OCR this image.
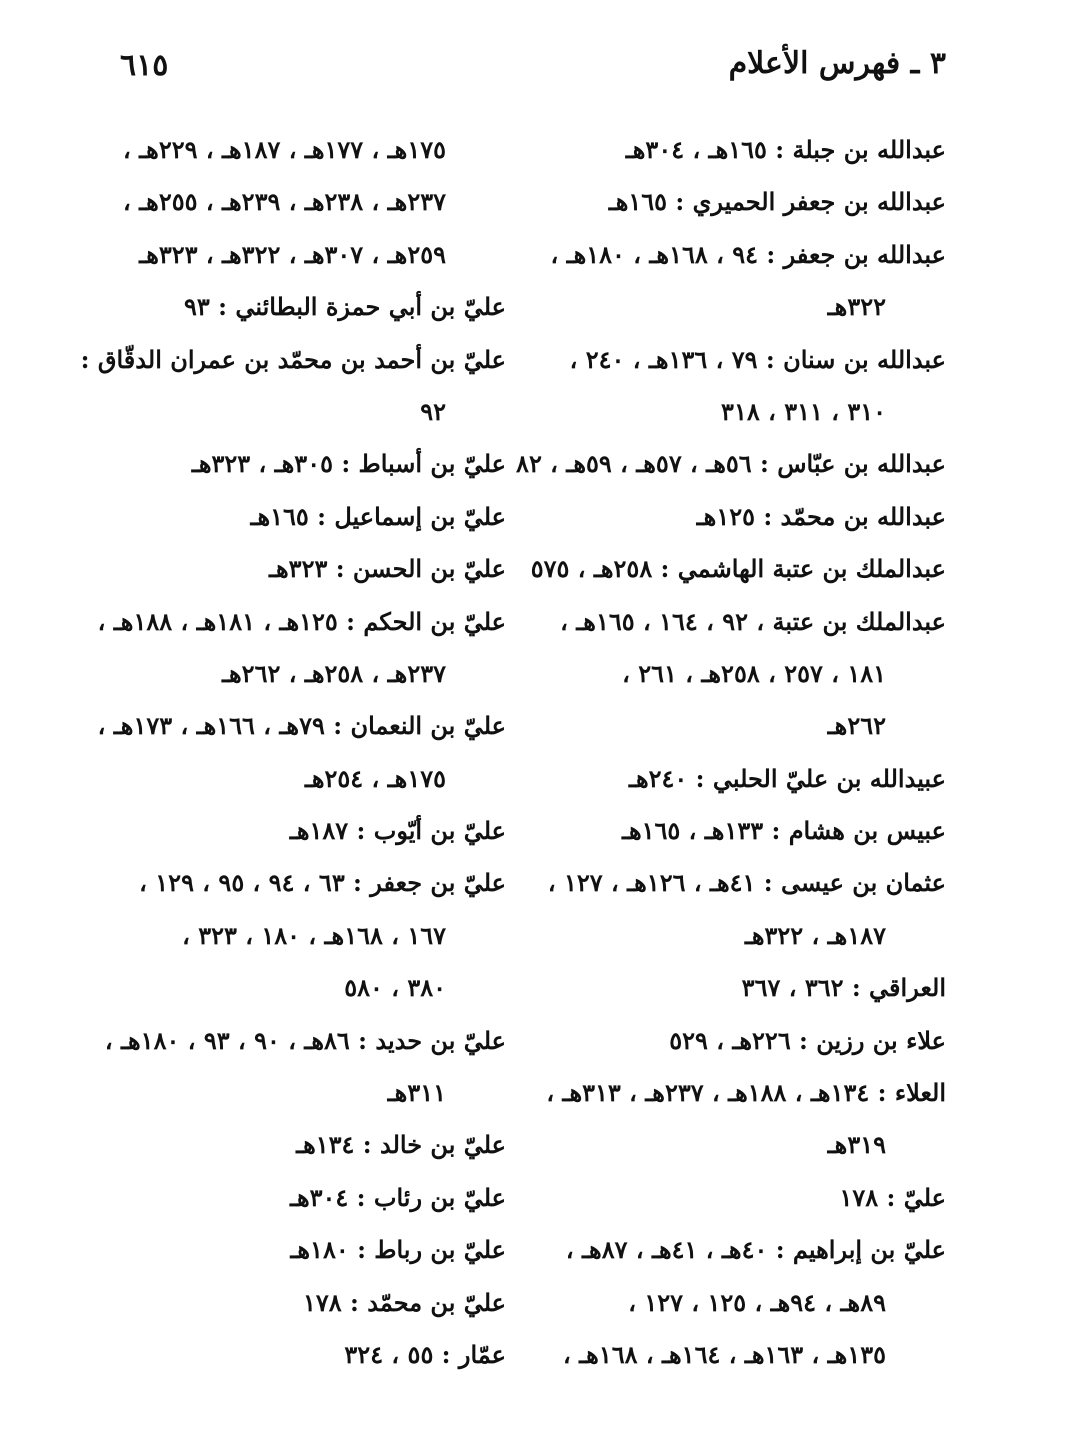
٣ ـ فهرس الأعلام
٦١٥
عبدالله بن جبلة : ١٦٥هـ ، ٣٠٤هـ
عبدالله بن جعفر الحميري : ١٦٥هـ
عبدالله بن جعفر : ٩٤ ، ١٦٨هـ ، ١٨٠هـ ،
٣٢٢هـ
عبدالله بن سنان : ٧٩ ، ١٣٦هـ ، ٢٤٠ ،
٣١٠ ، ٣١١ ، ٣١٨
عبدالله بن عبّاس : ٥٦هـ ، ٥٧هـ ، ٥٩هـ ، ٨٢
عبدالله بن محمّد : ١٢٥هـ
عبدالملك بن عتبة الهاشمي : ٢٥٨هـ ، ٥٧٥
عبدالملك بن عتبة ، ٩٢ ، ١٦٤ ، ١٦٥هـ ،
١٨١ ، ٢٥٧ ، ٢٥٨هـ ، ٢٦١ ،
٢٦٢هـ
عبيدالله بن عليّ الحلبي : ٢٤٠هـ
عبيس بن هشام : ١٣٣هـ ، ١٦٥هـ
عثمان بن عيسى : ٤١هـ ، ١٢٦هـ ، ١٢٧ ،
١٨٧هـ ، ٣٢٢هـ
العراقي : ٣٦٢ ، ٣٦٧
علاء بن رزين : ٢٢٦هـ ، ٥٢٩
العلاء : ١٣٤هـ ، ١٨٨هـ ، ٢٣٧هـ ، ٣١٣هـ ،
٣١٩هـ
عليّ : ١٧٨
عليّ بن إبراهيم : ٤٠هـ ، ٤١هـ ، ٨٧هـ ،
٨٩هـ ، ٩٤هـ ، ١٢٥ ، ١٢٧ ،
١٣٥هـ ، ١٦٣هـ ، ١٦٤هـ ، ١٦٨هـ ،
١٧٥هـ ، ١٧٧هـ ، ١٨٧هـ ، ٢٢٩هـ ،
٢٣٧هـ ، ٢٣٨هـ ، ٢٣٩هـ ، ٢٥٥هـ ،
٢٥٩هـ ، ٣٠٧هـ ، ٣٢٢هـ ، ٣٢٣هـ
عليّ بن أبي حمزة البطائني : ٩٣
عليّ بن أحمد بن محمّد بن عمران الدقّاق :
٩٢
عليّ بن أسباط : ٣٠٥هـ ، ٣٢٣هـ
عليّ بن إسماعيل : ١٦٥هـ
عليّ بن الحسن : ٣٢٣هـ
عليّ بن الحكم : ١٢٥هـ ، ١٨١هـ ، ١٨٨هـ ،
٢٣٧هـ ، ٢٥٨هـ ، ٢٦٢هـ
عليّ بن النعمان : ٧٩هـ ، ١٦٦هـ ، ١٧٣هـ ،
١٧٥هـ ، ٢٥٤هـ
عليّ بن أيّوب : ١٨٧هـ
عليّ بن جعفر : ٦٣ ، ٩٤ ، ٩٥ ، ١٢٩ ،
١٦٧ ، ١٦٨هـ ، ١٨٠ ، ٣٢٣ ،
٣٨٠ ، ٥٨٠
عليّ بن حديد : ٨٦هـ ، ٩٠ ، ٩٣ ، ١٨٠هـ ،
٣١١هـ
عليّ بن خالد : ١٣٤هـ
عليّ بن رئاب : ٣٠٤هـ
عليّ بن رباط : ١٨٠هـ
عليّ بن محمّد : ١٧٨
عمّار : ٥٥ ، ٣٢٤
